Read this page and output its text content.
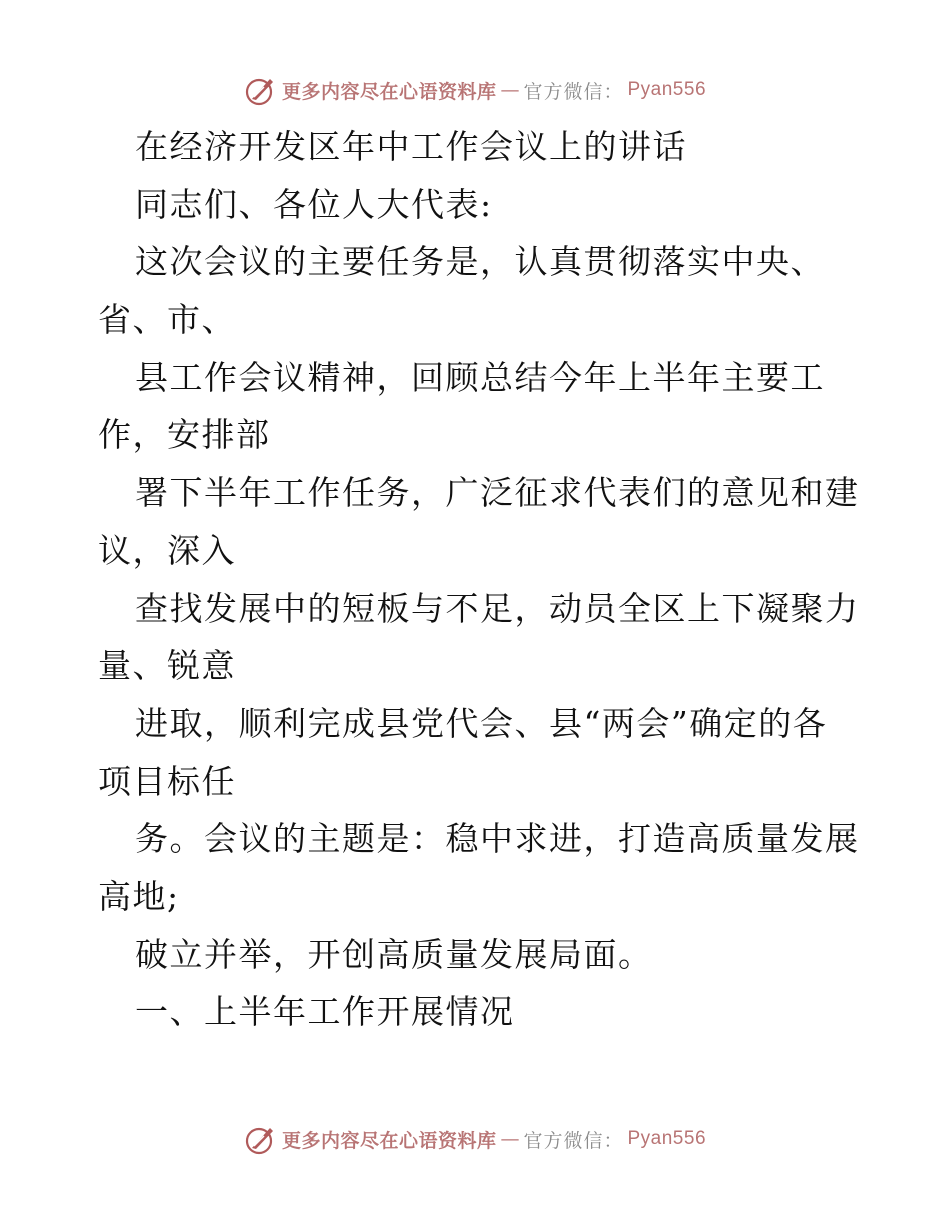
更多内容尽在心语资料库 — 官方微信： Pyan556
在经济开发区年中工作会议上的讲话
同志们、各位人大代表:
这次会议的主要任务是，认真贯彻落实中央、
省、市、
县工作会议精神，回顾总结今年上半年主要工
作，安排部
署下半年工作任务，广泛征求代表们的意见和建
议，深入
查找发展中的短板与不足，动员全区上下凝聚力
量、锐意
进取，顺利完成县党代会、县“两会”确定的各
项目标任
务。会议的主题是：稳中求进，打造高质量发展
高地;
破立并举，开创高质量发展局面。
一、上半年工作开展情况
更多内容尽在心语资料库 — 官方微信： Pyan556
